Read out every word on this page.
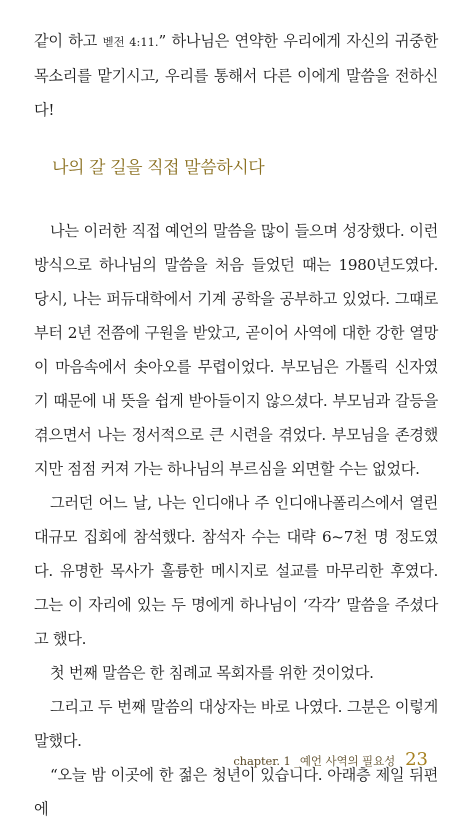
같이 하고 벧전 4:11.” 하나님은 연약한 우리에게 자신의 귀중한 목소리를 맡기시고, 우리를 통해서 다른 이에게 말씀을 전하신다!

나의 갈 길을 직접 말씀하시다

나는 이러한 직접 예언의 말씀을 많이 들으며 성장했다. 이런 방식으로 하나님의 말씀을 처음 들었던 때는 1980년도였다. 당시, 나는 퍼듀대학에서 기계 공학을 공부하고 있었다. 그때로부터 2년 전쯤에 구원을 받았고, 곧이어 사역에 대한 강한 열망이 마음속에서 솟아오를 무렵이었다. 부모님은 가톨릭 신자였기 때문에 내 뜻을 쉽게 받아들이지 않으셨다. 부모님과 갈등을 겪으면서 나는 정서적으로 큰 시련을 겪었다. 부모님을 존경했지만 점점 커져 가는 하나님의 부르심을 외면할 수는 없었다.

그러던 어느 날, 나는 인디애나 주 인디애나폴리스에서 열린 대규모 집회에 참석했다. 참석자 수는 대략 6~7천 명 정도였다. 유명한 목사가 훌륭한 메시지로 설교를 마무리한 후였다. 그는 이 자리에 있는 두 명에게 하나님이 ‘각각’ 말씀을 주셨다고 했다.

첫 번째 말씀은 한 침례교 목회자를 위한 것이었다.

그리고 두 번째 말씀의 대상자는 바로 나였다. 그분은 이렇게 말했다.

“오늘 밤 이곳에 한 젊은 청년이 있습니다. 아래층 제일 뒤편에

chapter. 1 _예언 사역의 필요성 23
